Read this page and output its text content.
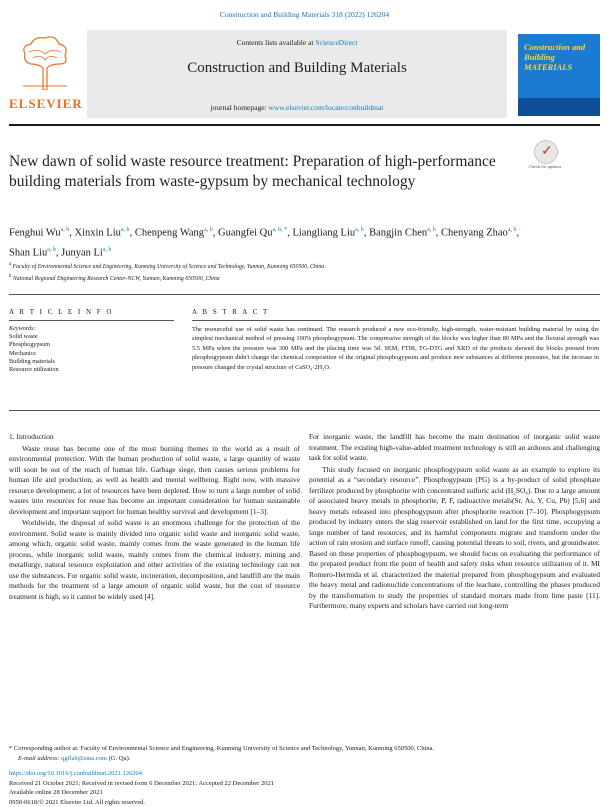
Construction and Building Materials 318 (2022) 126204
ELSEVIER
Contents lists available at ScienceDirect
Construction and Building Materials
journal homepage: www.elsevier.com/locate/conbuildmat
Construction and Building MATERIALS
New dawn of solid waste resource treatment: Preparation of high-performance building materials from waste-gypsum by mechanical technology
✓
Check for updates
Fenghui Wu$^{a, b}$, Xinxin Liu$^{a, b}$, Chenpeng Wang$^{a, b}$, Guangfei $Qu^{a, b, *}$, Liangliang Liu$^{a, b}$, Bangjin Chen$^{a, b}$, Chenyang Zhao$^{a, b}$, Shan Liu$^{a, b}$, Junyan Li$^{a, b}$
$^a$ Faculty of Environmental Science and Engineering, Kunming University of Science and Technology, Yunnan, Kunming 650500, China
$^b$ National Regional Engineering Research Center-NCW, Yunnan, Kunming 650500, China
A R T I C L E I N F O	A B S T R A C T
Keywords:
Solid waste
Phosphogypsum
Mechanics
Building materials
Resource utilization
The resourceful use of solid waste has continued. The research produced a new eco-friendly, high-strength, water-resistant building material by using the simplest mechanical method of pressing 100% phosphogypsum. The compressive strength of the blocks was higher than 80 MPa and the flexural strength was 5.5 MPa when the pressure was 300 MPa and the placing time was 5d. SEM, FTIR, TG-DTG and XRD of the products showed the blocks pressed from phosphogypsum didn't change the chemical composition of the original phosphogypsum and produce new substances at different pressures, but the increase in pressure changed the crystal structure of CaSO₄·2H₂O.

1. Introduction

Waste reuse has become one of the most burning themes in the world as a result of environmental protection. With the human production of solid waste, a large quantity of waste will soon be out of the reach of human life. Garbage siege, then causes serious problems for human life and production, as well as health and mental wellbeing. Right now, with massive resource development, a lot of resources have been depleted. How to turn a large number of solid wastes into resources for reuse has become an important consideration for human sustainable development and important support for human healthy survival and development [1–3].

Worldwide, the disposal of solid waste is an enormous challenge for the protection of the environment. Solid waste is mainly divided into organic solid waste and inorganic solid waste, among which, organic solid waste, mainly comes from the waste generated in the human life process, while inorganic solid waste, mainly comes from the chemical industry, mining and metallurgy, natural resource exploitation and other activities of the existing technology can not use the substances. For organic solid waste, incineration, decomposition, and landfill are the main methods for the treatment of a large amount of organic solid waste, but the cost of resource treatment is high, so it cannot be widely used [4].

For inorganic waste, the landfill has become the main destination of inorganic solid waste treatment. The existing high-value-added treatment technology is still an arduous and challenging task for solid waste.

This study focused on inorganic phosphogypsum solid waste as an example to explore its potential as a “secondary resource”. Phosphogypsum (PG) is a by-product of solid phosphate fertilizer produced by phosphorite with concentrated sulfuric acid (H₂SO₄). Due to a large amount of associated heavy metals in phosphorite, P, F, radioactive metals(Sr, As, Y, Cu, Pb) [5,6] and heavy metals released into phosphogypsum after phosphorite reaction [7–10]. Phosphogypsum produced by industry enters the slag reservoir established on land for the first time, occupying a large number of land resources, and its harmful components migrate and transform under the action of rain erosion and surface runoff, causing potential threats to soil, rivers, and groundwater. Based on these properties of phosphogypsum, we should focus on evaluating the performance of the prepared product from the point of health and safety risks when resource utilization of it. MI Romero-Hermida et al. characterized the material prepared from phosphogypsum and evaluated the heavy metal and radionuclide concentrations of the leachate, controlling the phases produced by the transformation to study the properties of standard mortars made from lime paste [11]. Furthermore, many experts and scholars have carried out long-term

* Corresponding author at: Faculty of Environmental Science and Engineering, Kunming University of Science and Technology, Yunnan, Kunming 650500, China.
E-mail address: qgflab@sina.com (G. Qu).
https://doi.org/10.1016/j.conbuildmat.2021.126204
Received 21 October 2021; Received in revised form 6 December 2021; Accepted 22 December 2021
Available online 28 December 2021
0950-0618/© 2021 Elsevier Ltd. All rights reserved.
